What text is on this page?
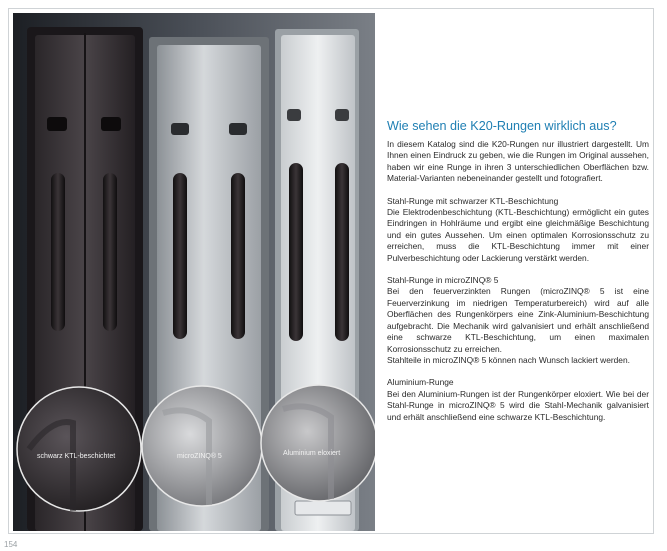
schwarz KTL-beschichtet	microZINQ® 5	Aluminium eloxiert
Wie sehen die K20-Rungen wirklich aus?

In diesem Katalog sind die K20-Rungen nur illustriert dargestellt. Um Ihnen einen Eindruck zu geben, wie die Rungen im Original aussehen, haben wir eine Runge in ihren 3 unterschiedlichen Oberflächen bzw. Material-Varianten nebeneinander gestellt und fotografiert.

Stahl-Runge mit schwarzer KTL-Beschichtung
Die Elektrodenbeschichtung (KTL-Beschichtung) ermöglicht ein gutes Eindringen in Hohlräume und ergibt eine gleichmäßige Beschichtung und ein gutes Aussehen. Um einen optimalen Korrosionsschutz zu erreichen, muss die KTL-Beschichtung immer mit einer Pulverbeschichtung oder Lackierung verstärkt werden.

Stahl-Runge in microZINQ® 5
Bei den feuerverzinkten Rungen (microZINQ® 5 ist eine Feuerverzinkung im niedrigen Temperaturbereich) wird auf alle Oberflächen des Rungenkörpers eine Zink-Aluminium-Beschichtung aufgebracht. Die Mechanik wird galvanisiert und erhält anschließend eine schwarze KTL-Beschichtung, um einen maximalen Korrosionsschutz zu erreichen.
Stahlteile in microZINQ® 5 können nach Wunsch lackiert werden.

Aluminium-Runge
Bei den Aluminium-Rungen ist der Rungenkörper eloxiert. Wie bei der Stahl-Runge in microZINQ® 5 wird die Stahl-Mechanik galvanisiert und erhält anschließend eine schwarze KTL-Beschichtung.

154
